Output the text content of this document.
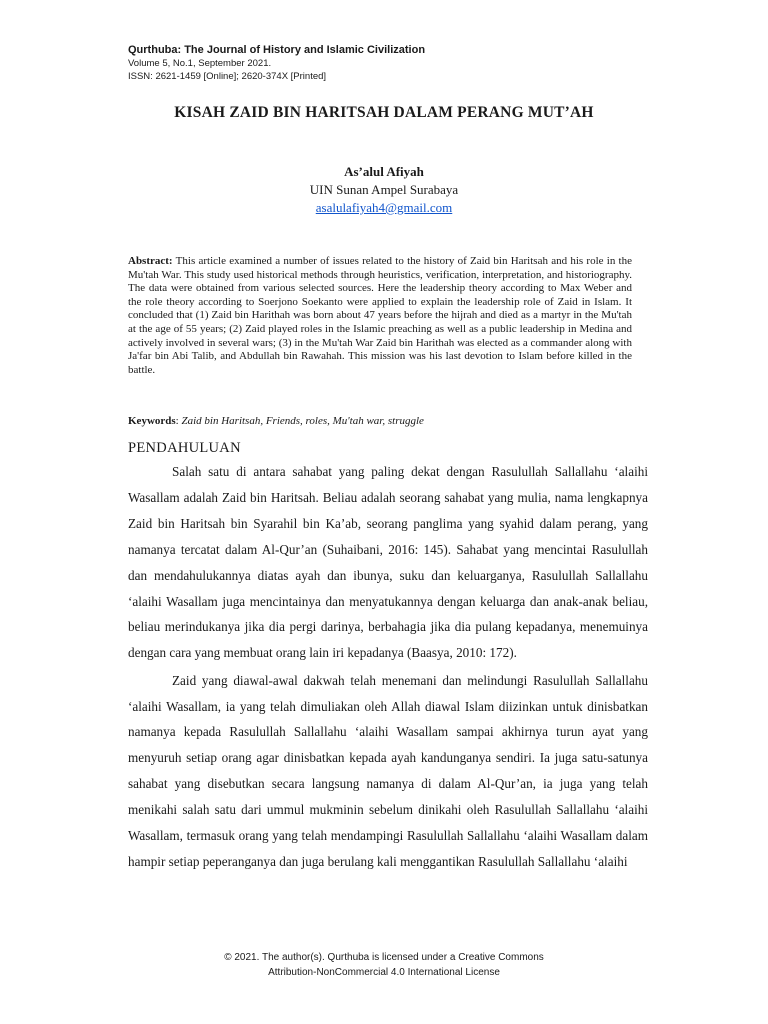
Qurthuba: The Journal of History and Islamic Civilization
Volume 5, No.1, September 2021.
ISSN: 2621-1459 [Online]; 2620-374X [Printed]
KISAH ZAID BIN HARITSAH DALAM PERANG MUT’AH
As’alul Afiyah
UIN Sunan Ampel Surabaya
asalulafiyah4@gmail.com
Abstract: This article examined a number of issues related to the history of Zaid bin Haritsah and his role in the Mu'tah War. This study used historical methods through heuristics, verification, interpretation, and historiography. The data were obtained from various selected sources. Here the leadership theory according to Max Weber and the role theory according to Soerjono Soekanto were applied to explain the leadership role of Zaid in Islam. It concluded that (1) Zaid bin Harithah was born about 47 years before the hijrah and died as a martyr in the Mu'tah at the age of 55 years; (2) Zaid played roles in the Islamic preaching as well as a public leadership in Medina and actively involved in several wars; (3) in the Mu'tah War Zaid bin Harithah was elected as a commander along with Ja'far bin Abi Talib, and Abdullah bin Rawahah. This mission was his last devotion to Islam before killed in the battle.
Keywords: Zaid bin Haritsah, Friends, roles, Mu'tah war, struggle
PENDAHULUAN

Salah satu di antara sahabat yang paling dekat dengan Rasulullah Sallallahu ‘alaihi Wasallam adalah Zaid bin Haritsah. Beliau adalah seorang sahabat yang mulia, nama lengkapnya Zaid bin Haritsah bin Syarahil bin Ka’ab, seorang panglima yang syahid dalam perang, yang namanya tercatat dalam Al-Qur’an (Suhaibani, 2016: 145). Sahabat yang mencintai Rasulullah dan mendahulukannya diatas ayah dan ibunya, suku dan keluarganya, Rasulullah Sallallahu ‘alaihi Wasallam juga mencintainya dan menyatukannya dengan keluarga dan anak-anak beliau, beliau merindukanya jika dia pergi darinya, berbahagia jika dia pulang kepadanya, menemuinya dengan cara yang membuat orang lain iri kepadanya (Baasya, 2010: 172).

Zaid yang diawal-awal dakwah telah menemani dan melindungi Rasulullah Sallallahu ‘alaihi Wasallam, ia yang telah dimuliakan oleh Allah diawal Islam diizinkan untuk dinisbatkan namanya kepada Rasulullah Sallallahu ‘alaihi Wasallam sampai akhirnya turun ayat yang menyuruh setiap orang agar dinisbatkan kepada ayah kandunganya sendiri. Ia juga satu-satunya sahabat yang disebutkan secara langsung namanya di dalam Al-Qur’an, ia juga yang telah menikahi salah satu dari ummul mukminin sebelum dinikahi oleh Rasulullah Sallallahu ‘alaihi Wasallam, termasuk orang yang telah mendampingi Rasulullah Sallallahu ‘alaihi Wasallam dalam hampir setiap peperanganya dan juga berulang kali menggantikan Rasulullah Sallallahu ‘alaihi

© 2021. The author(s). Qurthuba is licensed under a Creative Commons
Attribution-NonCommercial 4.0 International License
